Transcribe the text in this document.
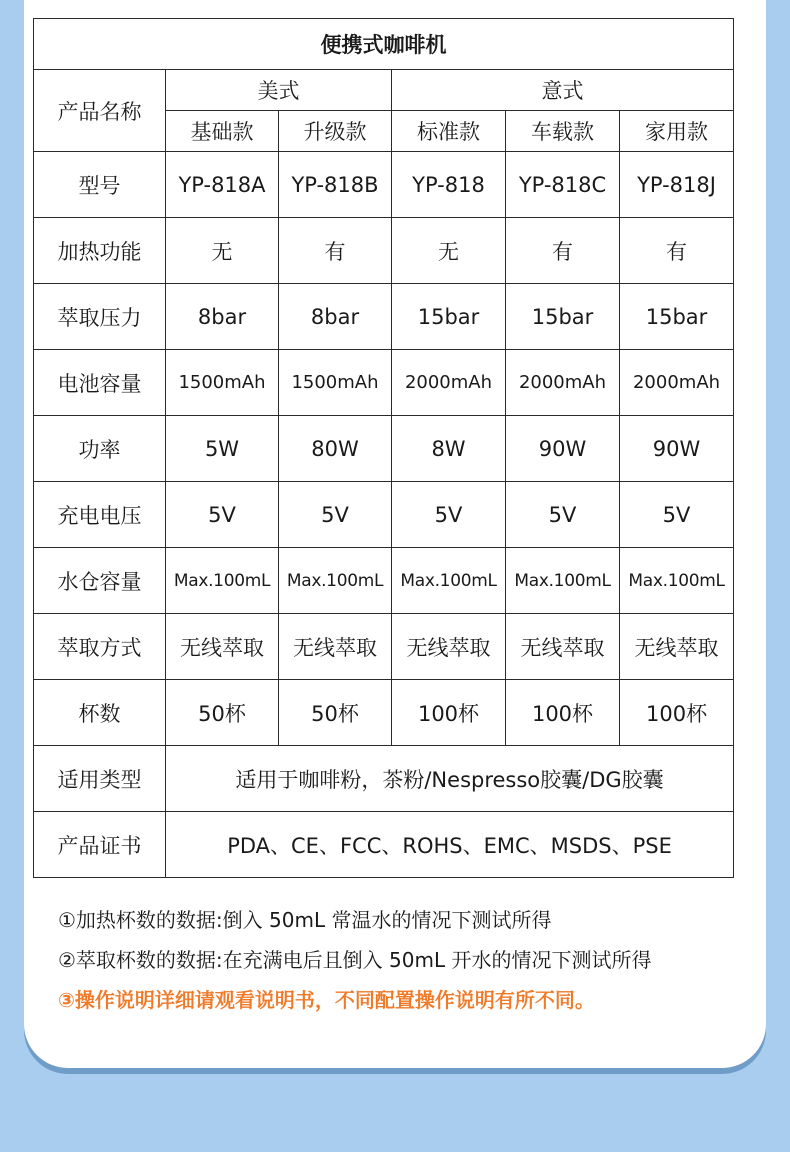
便携式咖啡机					
产品名称	美式		意式		
	基础款	升级款	标准款	车载款	家用款
型号	YP-818A	YP-818B	YP-818	YP-818C	YP-818J
加热功能	无	有	无	有	有
萃取压力	8bar	8bar	15bar	15bar	15bar
电池容量	1500mAh	1500mAh	2000mAh	2000mAh	2000mAh
功率	5W	80W	8W	90W	90W
充电电压	5V	5V	5V	5V	5V
水仓容量	Max.100mL	Max.100mL	Max.100mL	Max.100mL	Max.100mL
萃取方式	无线萃取	无线萃取	无线萃取	无线萃取	无线萃取
杯数	50杯	50杯	100杯	100杯	100杯
适用类型	适用于咖啡粉，茶粉/Nespresso胶囊/DG胶囊				
产品证书	PDA、CE、FCC、ROHS、EMC、MSDS、PSE				
①加热杯数的数据:倒入 50mL 常温水的情况下测试所得
②萃取杯数的数据:在充满电后且倒入 50mL 开水的情况下测试所得
③操作说明详细请观看说明书，不同配置操作说明有所不同。
